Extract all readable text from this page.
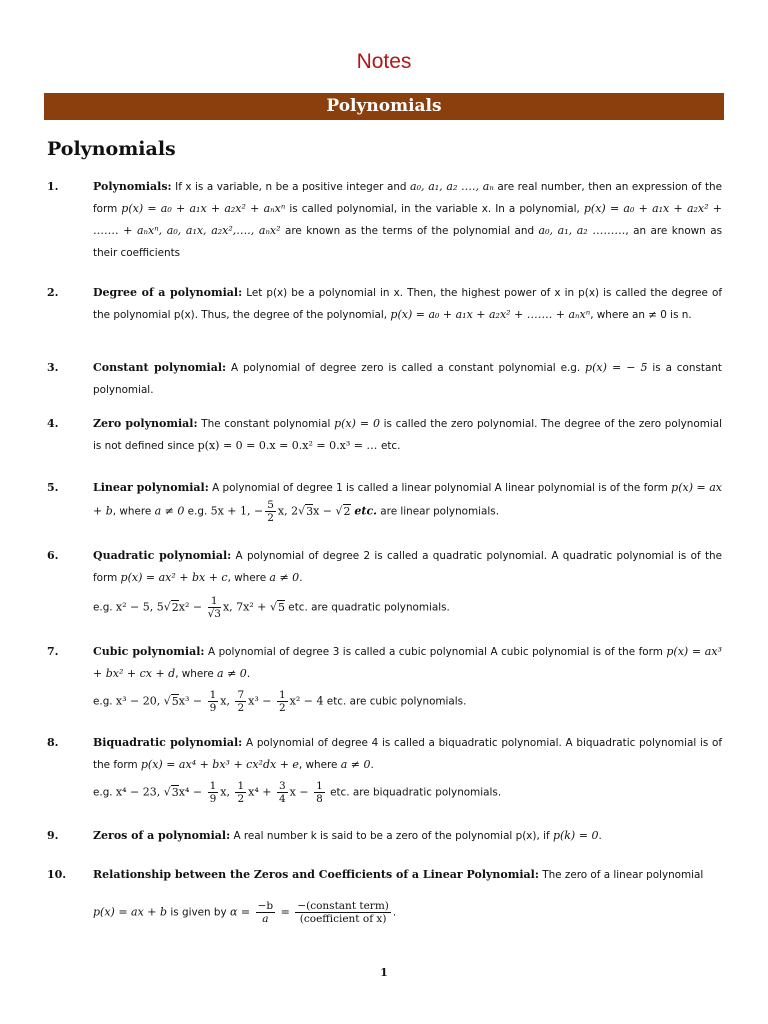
Notes
Polynomials
Polynomials
1.	Polynomials: If x is a variable, n be a positive integer and a₀, a₁, a₂ …., aₙ are real number, then an expression of the form p(x) = a₀ + a₁x + a₂x² + aₙxⁿ is called polynomial, in the variable x. In a polynomial, p(x) = a₀ + a₁x + a₂x² + ……. + aₙxⁿ, a₀, a₁x, a₂x²,…., aₙx² are known as the terms of the polynomial and a₀, a₁, a₂ ………, an are known as their coefficients
2.	Degree of a polynomial: Let p(x) be a polynomial in x. Then, the highest power of x in p(x) is called the degree of the polynomial p(x). Thus, the degree of the polynomial, p(x) = a₀ + a₁x + a₂x² + ……. + aₙxⁿ, where an ≠ 0 is n.
3.	Constant polynomial: A polynomial of degree zero is called a constant polynomial e.g. p(x) = − 5 is a constant polynomial.
4.	Zero polynomial: The constant polynomial p(x) = 0 is called the zero polynomial. The degree of the zero polynomial is not defined since p(x) = 0 = 0.x = 0.x² = 0.x³ = … etc.
5.	Linear polynomial: A polynomial of degree 1 is called a linear polynomial A linear polynomial is of the form p(x) = ax + b, where a ≠ 0 e.g. 5x + 1, − $\frac{5}{2} x$, 2√3x − √2 etc. are linear polynomials.
6.	Quadratic polynomial: A polynomial of degree 2 is called a quadratic polynomial. A quadratic polynomial is of the form p(x) = ax² + bx + c, where a ≠ 0.
e.g. x² − 5, $5√2x^2 - \frac{1}{√3} x$, 7x² + √5 etc. are quadratic polynomials.
7.	Cubic polynomial: A polynomial of degree 3 is called a cubic polynomial A cubic polynomial is of the form p(x) = ax³ + bx² + cx + d, where a ≠ 0.
e.g. x³ − 20, $√5x^3 - \frac{1}{9} x$, $\frac{7}{2} x^3 - \frac{1}{2} x^2 - 4$ etc. are cubic polynomials.
8.	Biquadratic polynomial: A polynomial of degree 4 is called a biquadratic polynomial. A biquadratic polynomial is of the form p(x) = ax⁴ + bx³ + cx²dx + e, where a ≠ 0.
e.g. x⁴ − 23, $√3x^4 - \frac{1}{9} x$, $\frac{1}{2} x^4 + \frac{3}{4}$ $x - \frac{1}{8}$ etc. are biquadratic polynomials.
9.	Zeros of a polynomial: A real number k is said to be a zero of the polynomial p(x), if p(k) = 0.
10. Relationship between the Zeros and Coefficients of a Linear Polynomial: The zero of a linear polynomial
p(x) = ax + b is given by $\alpha = \frac{-b}{a} = \frac{\text{−(constant term)}}{\text{(coefficient of x)}}$ .
1
